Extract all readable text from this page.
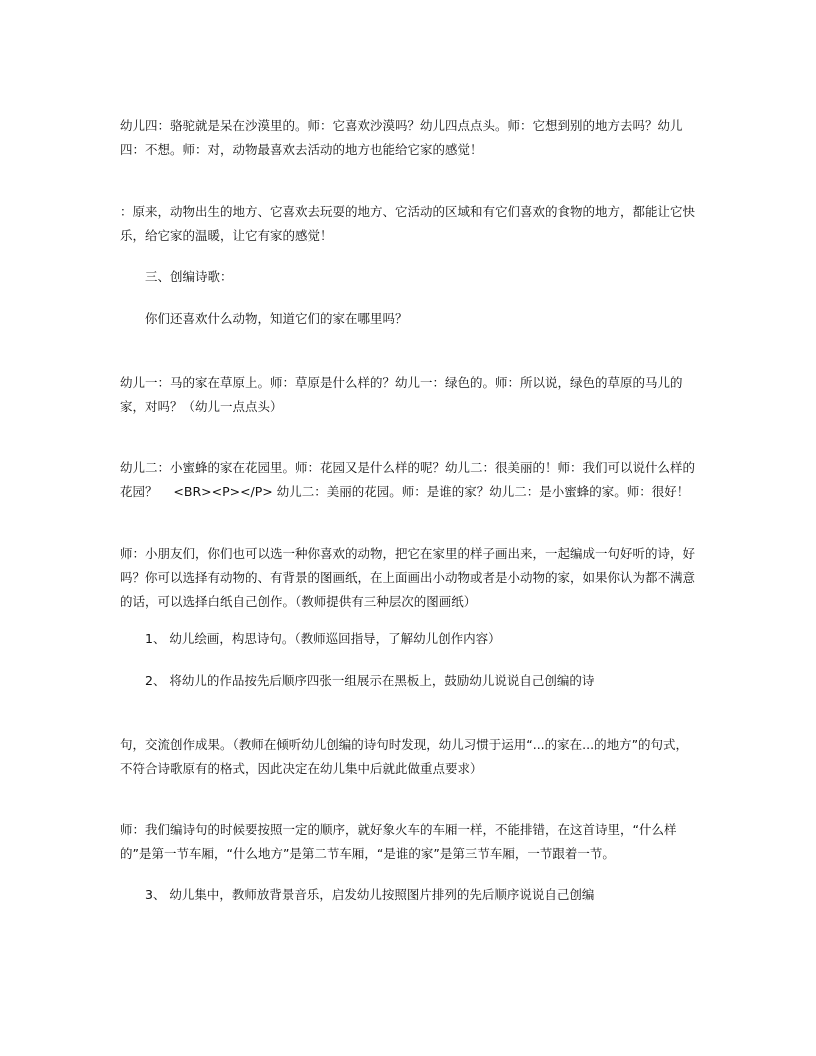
幼儿四：骆驼就是呆在沙漠里的。师：它喜欢沙漠吗？幼儿四点点头。师：它想到别的地方去吗？幼儿四：不想。师：对，动物最喜欢去活动的地方也能给它家的感觉！

：原来，动物出生的地方、它喜欢去玩耍的地方、它活动的区域和有它们喜欢的食物的地方，都能让它快乐，给它家的温暖，让它有家的感觉！

三、创编诗歌：

你们还喜欢什么动物，知道它们的家在哪里吗？

幼儿一：马的家在草原上。师：草原是什么样的？幼儿一：绿色的。师：所以说，绿色的草原的马儿的家，对吗？（幼儿一点点头）

幼儿二：小蜜蜂的家在花园里。师：花园又是什么样的呢？幼儿二：很美丽的！师：我们可以说什么样的花园？    <BR><P></P> 幼儿二：美丽的花园。师：是谁的家？幼儿二：是小蜜蜂的家。师：很好！

师：小朋友们，你们也可以选一种你喜欢的动物，把它在家里的样子画出来，一起编成一句好听的诗，好吗？你可以选择有动物的、有背景的图画纸，在上面画出小动物或者是小动物的家，如果你认为都不满意的话，可以选择白纸自己创作。（教师提供有三种层次的图画纸）

1、 幼儿绘画，构思诗句。（教师巡回指导，了解幼儿创作内容）

2、 将幼儿的作品按先后顺序四张一组展示在黑板上，鼓励幼儿说说自己创编的诗

句，交流创作成果。（教师在倾听幼儿创编的诗句时发现，幼儿习惯于运用“...的家在...的地方”的句式，不符合诗歌原有的格式，因此决定在幼儿集中后就此做重点要求）

师：我们编诗句的时候要按照一定的顺序，就好象火车的车厢一样，不能排错，在这首诗里，“什么样的”是第一节车厢，“什么地方”是第二节车厢，“是谁的家”是第三节车厢，一节跟着一节。

3、 幼儿集中，教师放背景音乐，启发幼儿按照图片排列的先后顺序说说自己创编
